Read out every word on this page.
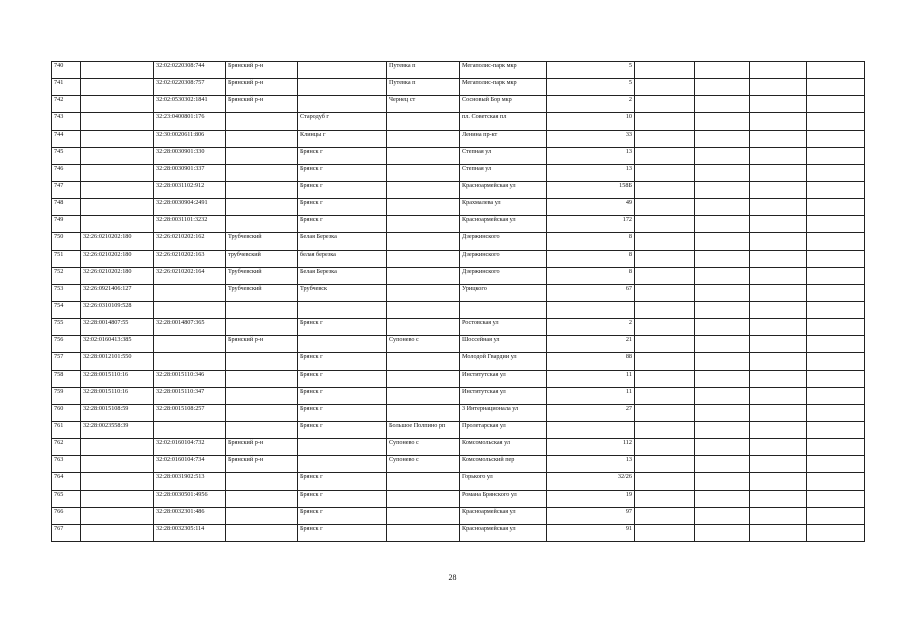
740		32:02:0220308:744	Брянский р-н		Путевка п	Мегаполис-парк мкр	5				
741		32:02:0220308:757	Брянский р-н		Путевка п	Мегаполис-парк мкр	5				
742		32:02:0530302:1841	Брянский р-н		Чернец ст	Сосновый Бор мкр	2				
743		32:23:0400801:176		Стародуб г		пл. Советская пл	10				
744		32:30:0020611:806		Клинцы г		Ленина пр-кт	33				
745		32:28:0030901:330		Брянск г		Степная ул	13				
746		32:28:0030901:337		Брянск г		Степная ул	13				
747		32:28:0031102:912		Брянск г		Красноармейская ул	158Б				
748		32:28:0030904:2491		Брянск г		Крахмалева ул	49				
749		32:28:0031101:3232		Брянск г		Красноармейская ул	172				
750	32:26:0210202:180	32:26:0210202:162	Трубчевский	Белая Березка		Дзержинского	8				
751	32:26:0210202:180	32:26:0210202:163	трубчевский	белая березка		Дзержинского	8				
752	32:26:0210202:180	32:26:0210202:164	Трубчевский	Белая Березка		Дзержинского	8				
753	32:26:0921406:127		Трубчевский	Трубчевск		Урицкого	67				
754	32:26:0310109:528										
755	32:28:0014807:55	32:28:0014807:365		Брянск г		Ростовская ул	2				
756	32:02:0160413:385		Брянский р-н		Супонево с	Шоссейная ул	21				
757	32:28:0012101:550			Брянск г		Молодой Гвардии ул	88				
758	32:28:0015110:16	32:28:0015110:346		Брянск г		Институтская ул	11				
759	32:28:0015110:16	32:28:0015110:347		Брянск г		Институтская ул	11				
760	32:28:0015108:59	32:28:0015108:257		Брянск г		3 Интернационала ул	27				
761	32:28:0023558:39			Брянск г	Большое Полпино рп	Пролетарская ул					
762		32:02:0160104:732	Брянский р-н		Супонево с	Комсомольская ул	112				
763		32:02:0160104:734	Брянский р-н		Супонево с	Комсомольский пер	13				
764		32:28:0031902:513		Брянск г		Горького ул	32/26				
765		32:28:0030501:4956		Брянск г		Романа Брянского ул	19				
766		32:28:0032301:486		Брянск г		Красноармейская ул	97				
767		32:28:0032305:114		Брянск г		Красноармейская ул	91				
28
